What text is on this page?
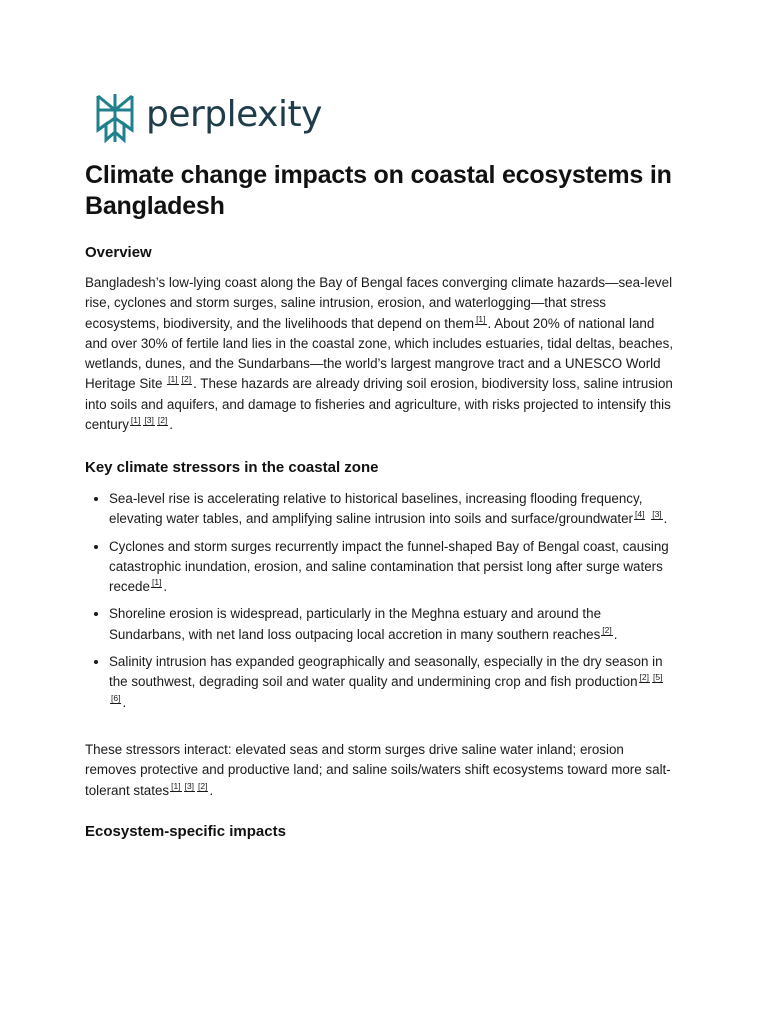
perplexity
Climate change impacts on coastal ecosystems in Bangladesh
Overview

Bangladesh’s low-lying coast along the Bay of Bengal faces converging climate hazards—sea-level rise, cyclones and storm surges, saline intrusion, erosion, and waterlogging—that stress ecosystems, biodiversity, and the livelihoods that depend on them [1] . About 20% of national land and over 30% of fertile land lies in the coastal zone, which includes estuaries, tidal deltas, beaches, wetlands, dunes, and the Sundarbans—the world’s largest mangrove tract and a UNESCO World Heritage Site [1] [2] . These hazards are already driving soil erosion, biodiversity loss, saline intrusion into soils and aquifers, and damage to fisheries and agriculture, with risks projected to intensify this century [1] [3] [2] .

Key climate stressors in the coastal zone
Sea-level rise is accelerating relative to historical baselines, increasing flooding frequency, elevating water tables, and amplifying saline intrusion into soils and surface/groundwater [4] [3] .
Cyclones and storm surges recurrently impact the funnel-shaped Bay of Bengal coast, causing catastrophic inundation, erosion, and saline contamination that persist long after surge waters recede [1] .
Shoreline erosion is widespread, particularly in the Meghna estuary and around the Sundarbans, with net land loss outpacing local accretion in many southern reaches [2] .
Salinity intrusion has expanded geographically and seasonally, especially in the dry season in the southwest, degrading soil and water quality and undermining crop and fish production [2] [5][6] .

These stressors interact: elevated seas and storm surges drive saline water inland; erosion removes protective and productive land; and saline soils/waters shift ecosystems toward more salt-tolerant states [1] [3] [2] .

Ecosystem-specific impacts
